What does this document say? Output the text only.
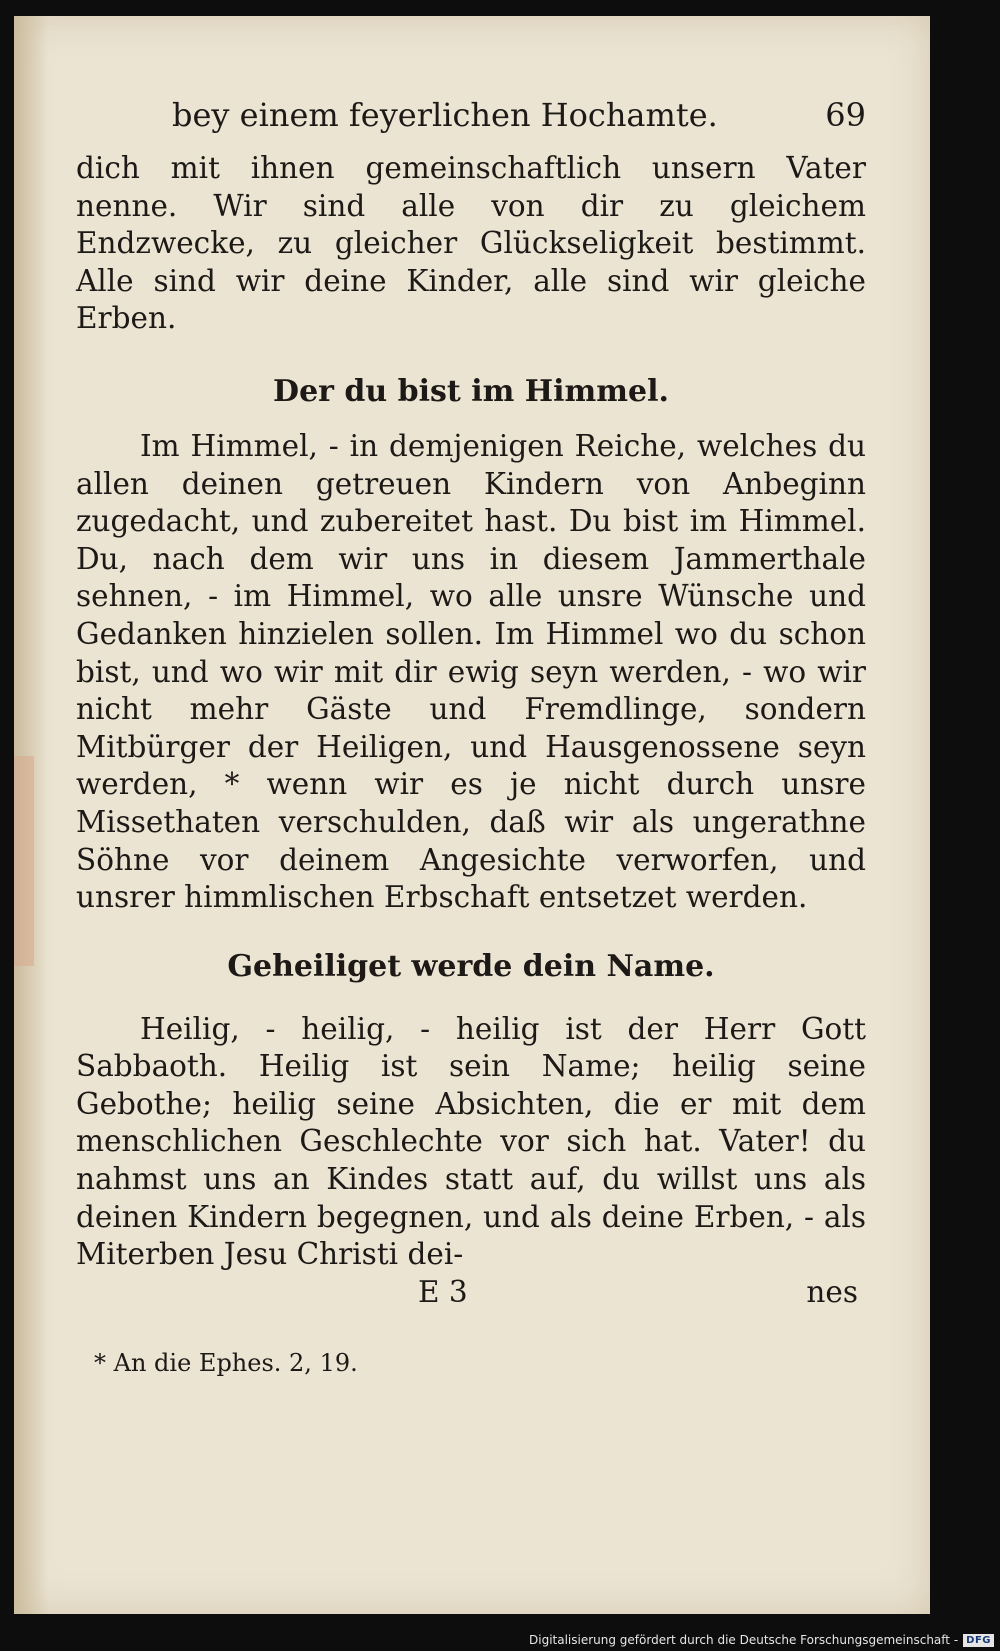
bey einem feyerlichen Hochamte.	69

dich mit ihnen gemeinschaftlich unsern Vater nenne. Wir sind alle von dir zu gleichem Endzwecke, zu gleicher Glückseligkeit bestimmt. Alle sind wir deine Kinder, alle sind wir gleiche Erben.

Der du bist im Himmel.

Im Himmel, - in demjenigen Reiche, welches du allen deinen getreuen Kindern von Anbeginn zugedacht, und zubereitet hast. Du bist im Himmel. Du, nach dem wir uns in diesem Jammerthale sehnen, - im Himmel, wo alle unsre Wünsche und Gedanken hinzielen sollen. Im Himmel wo du schon bist, und wo wir mit dir ewig seyn werden, - wo wir nicht mehr Gäste und Fremdlinge, sondern Mitbürger der Heiligen, und Hausgenossene seyn werden, * wenn wir es je nicht durch unsre Missethaten verschulden, daß wir als ungerathne Söhne vor deinem Angesichte verworfen, und unsrer himmlischen Erbschaft entsetzet werden.

Geheiliget werde dein Name.

Heilig, - heilig, - heilig ist der Herr Gott Sabbaoth. Heilig ist sein Name; heilig seine Gebothe; heilig seine Absichten, die er mit dem menschlichen Geschlechte vor sich hat. Vater! du nahmst uns an Kindes statt auf, du willst uns als deinen Kindern begegnen, und als deine Erben, - als Miterben Jesu Christi dei-

E 3	nes

* An die Ephes. 2, 19.

Digitalisierung gefördert durch die Deutsche Forschungsgemeinschaft - DFG
